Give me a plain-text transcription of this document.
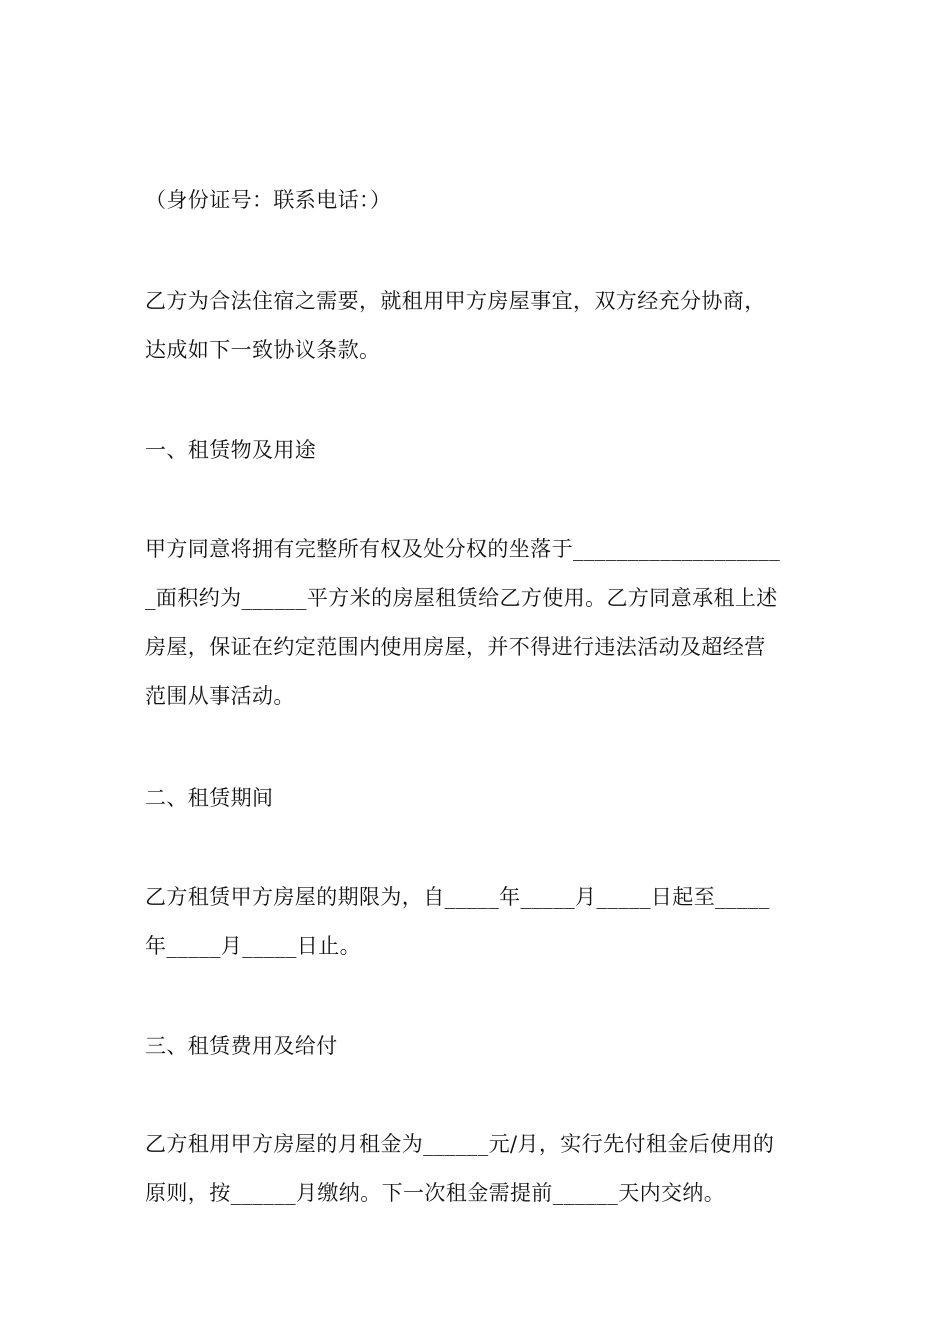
（身份证号：联系电话：）
乙方为合法住宿之需要，就租用甲方房屋事宜，双方经充分协商，
达成如下一致协议条款。
一、租赁物及用途
甲方同意将拥有完整所有权及处分权的坐落于___________________
_面积约为______平方米的房屋租赁给乙方使用。乙方同意承租上述
房屋，保证在约定范围内使用房屋，并不得进行违法活动及超经营
范围从事活动。
二、租赁期间
乙方租赁甲方房屋的期限为，自_____年_____月_____日起至_____
年_____月_____日止。
三、租赁费用及给付
乙方租用甲方房屋的月租金为______元/月，实行先付租金后使用的
原则，按______月缴纳。下一次租金需提前______天内交纳。
